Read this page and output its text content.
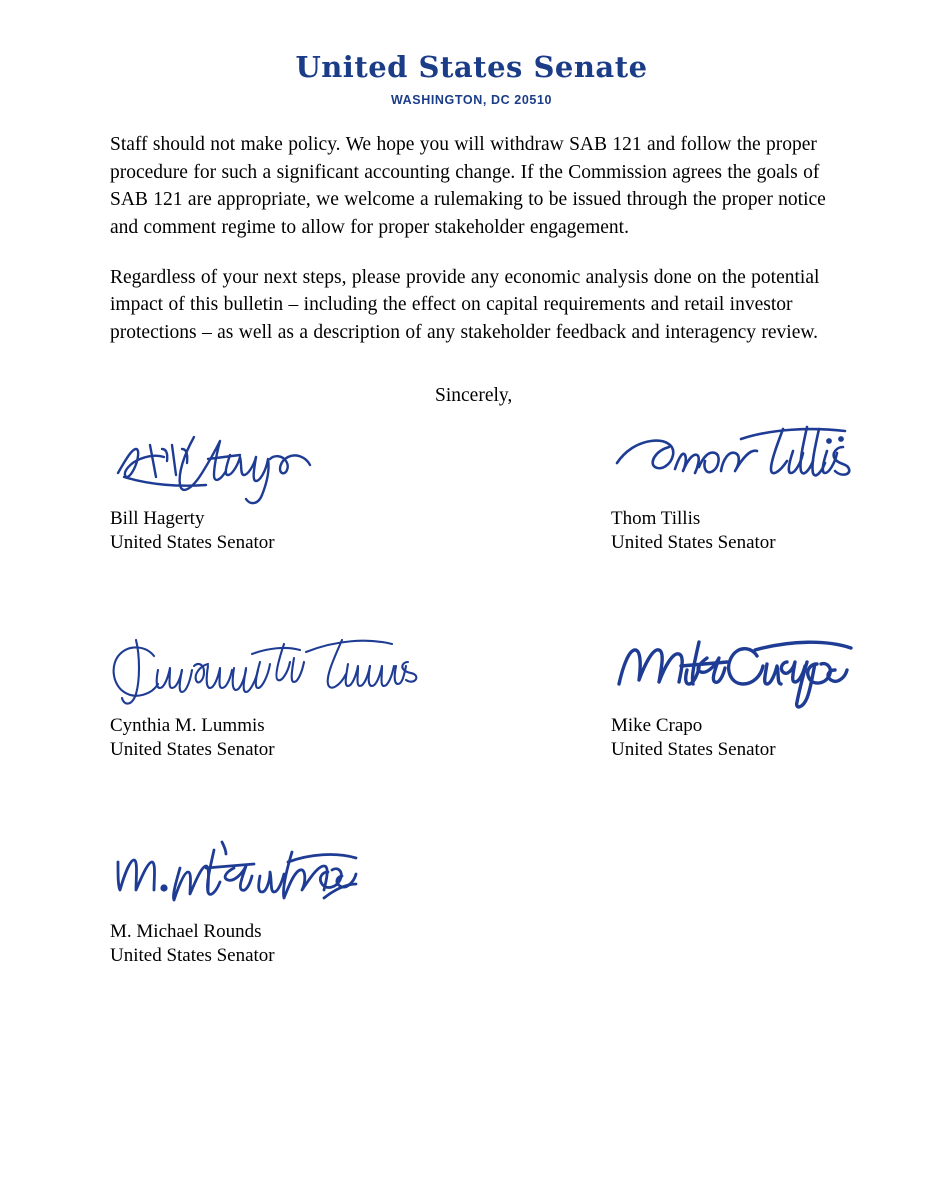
United States Senate
WASHINGTON, DC 20510

Staff should not make policy. We hope you will withdraw SAB 121 and follow the proper procedure for such a significant accounting change. If the Commission agrees the goals of SAB 121 are appropriate, we welcome a rulemaking to be issued through the proper notice and comment regime to allow for proper stakeholder engagement.

Regardless of your next steps, please provide any economic analysis done on the potential impact of this bulletin – including the effect on capital requirements and retail investor protections – as well as a description of any stakeholder feedback and interagency review.

Sincerely,

Bill Hagerty
United States Senator
Thom Tillis
United States Senator
Cynthia M. Lummis
United States Senator
Mike Crapo
United States Senator
M. Michael Rounds
United States Senator
